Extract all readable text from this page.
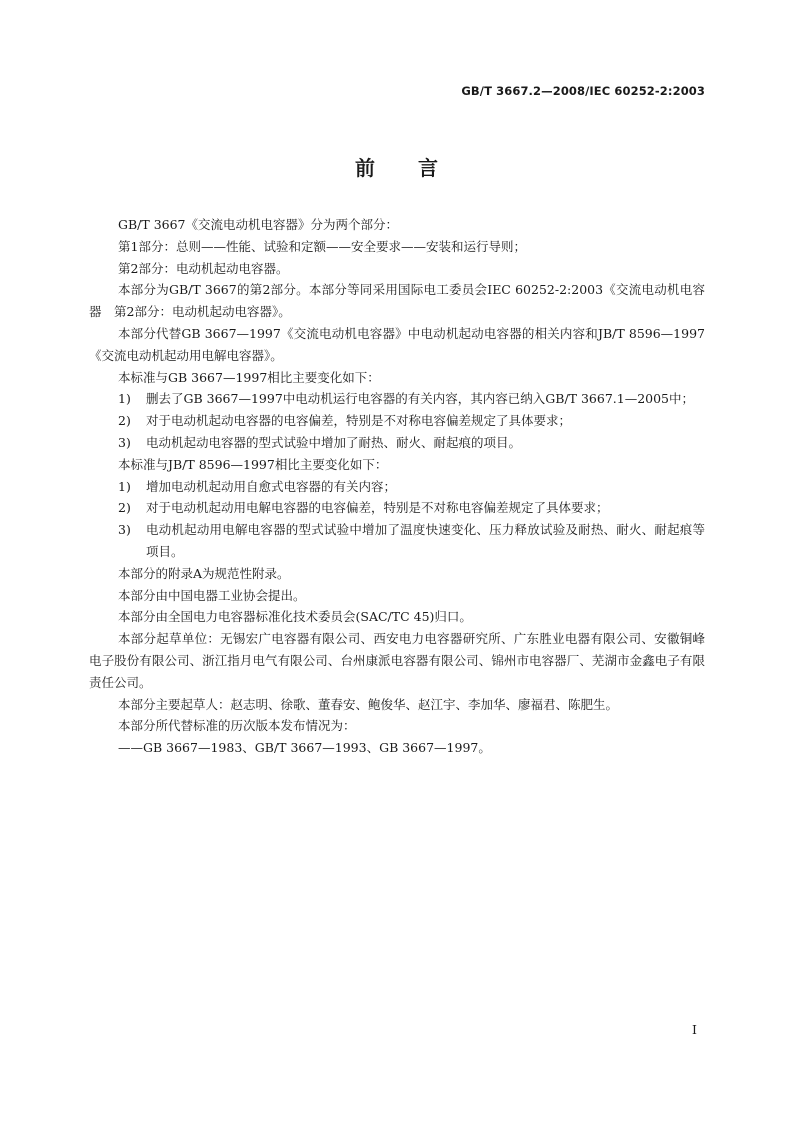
GB/T 3667.2—2008/IEC 60252-2:2003
前 言

GB/T 3667《交流电动机电容器》分为两个部分：

第1部分：总则——性能、试验和定额——安全要求——安装和运行导则；

第2部分：电动机起动电容器。

本部分为GB/T 3667的第2部分。本部分等同采用国际电工委员会IEC 60252-2:2003《交流电动机电容器　第2部分：电动机起动电容器》。

本部分代替GB 3667—1997《交流电动机电容器》中电动机起动电容器的相关内容和JB/T 8596—1997《交流电动机起动用电解电容器》。

本标准与GB 3667—1997相比主要变化如下：

1)	删去了GB 3667—1997中电动机运行电容器的有关内容，其内容已纳入GB/T 3667.1—2005中；
2)	对于电动机起动电容器的电容偏差，特别是不对称电容偏差规定了具体要求；
3)	电动机起动电容器的型式试验中增加了耐热、耐火、耐起痕的项目。

本标准与JB/T 8596—1997相比主要变化如下：

1)	增加电动机起动用自愈式电容器的有关内容；
2)	对于电动机起动用电解电容器的电容偏差，特别是不对称电容偏差规定了具体要求；
3)	电动机起动用电解电容器的型式试验中增加了温度快速变化、压力释放试验及耐热、耐火、耐起痕等项目。

本部分的附录A为规范性附录。

本部分由中国电器工业协会提出。

本部分由全国电力电容器标准化技术委员会(SAC/TC 45)归口。

本部分起草单位：无锡宏广电容器有限公司、西安电力电容器研究所、广东胜业电器有限公司、安徽铜峰电子股份有限公司、浙江指月电气有限公司、台州康派电容器有限公司、锦州市电容器厂、芜湖市金鑫电子有限责任公司。

本部分主要起草人：赵志明、徐歌、董春安、鲍俊华、赵江宇、李加华、廖福君、陈肥生。

本部分所代替标准的历次版本发布情况为：

——GB 3667—1983、GB/T 3667—1993、GB 3667—1997。

I
